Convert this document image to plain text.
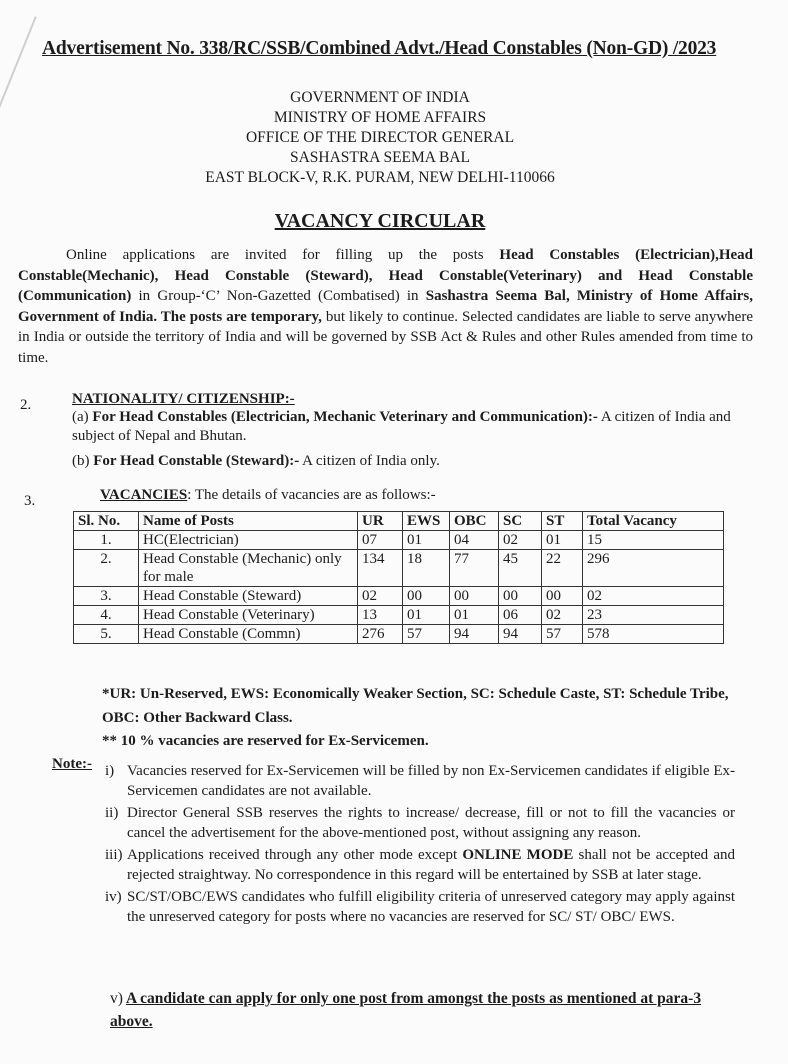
Advertisement No. 338/RC/SSB/Combined Advt./Head Constables (Non-GD) /2023
GOVERNMENT OF INDIA
MINISTRY OF HOME AFFAIRS
OFFICE OF THE DIRECTOR GENERAL
SASHASTRA SEEMA BAL
EAST BLOCK-V, R.K. PURAM, NEW DELHI-110066
VACANCY CIRCULAR
Online applications are invited for filling up the posts Head Constables (Electrician),Head Constable(Mechanic), Head Constable (Steward), Head Constable(Veterinary) and Head Constable (Communication) in Group-‘C’ Non-Gazetted (Combatised) in Sashastra Seema Bal, Ministry of Home Affairs, Government of India. The posts are temporary, but likely to continue. Selected candidates are liable to serve anywhere in India or outside the territory of India and will be governed by SSB Act & Rules and other Rules amended from time to time.
2.	NATIONALITY/ CITIZENSHIP:-
(a) For Head Constables (Electrician, Mechanic Veterinary and Communication):- A citizen of India and subject of Nepal and Bhutan.
(b) For Head Constable (Steward):- A citizen of India only.
3.	VACANCIES: The details of vacancies are as follows:-
Sl. No.	Name of Posts	UR	EWS	OBC	SC	ST	Total Vacancy
1.	HC(Electrician)	07	01	04	02	01	15
2.	Head Constable (Mechanic) only for male	134	18	77	45	22	296
3.	Head Constable (Steward)	02	00	00	00	00	02
4.	Head Constable (Veterinary)	13	01	01	06	02	23
5.	Head Constable (Commn)	276	57	94	94	57	578
*UR: Un-Reserved, EWS: Economically Weaker Section, SC: Schedule Caste, ST: Schedule Tribe, OBC: Other Backward Class.
** 10 % vacancies are reserved for Ex-Servicemen.
Note:- i) Vacancies reserved for Ex-Servicemen will be filled by non Ex-Servicemen candidates if eligible Ex-Servicemen candidates are not available.
ii) Director General SSB reserves the rights to increase/ decrease, fill or not to fill the vacancies or cancel the advertisement for the above-mentioned post, without assigning any reason.
iii) Applications received through any other mode except ONLINE MODE shall not be accepted and rejected straightway. No correspondence in this regard will be entertained by SSB at later stage.
iv) SC/ST/OBC/EWS candidates who fulfill eligibility criteria of unreserved category may apply against the unreserved category for posts where no vacancies are reserved for SC/ ST/ OBC/ EWS.
v) A candidate can apply for only one post from amongst the posts as mentioned at para-3 above.
